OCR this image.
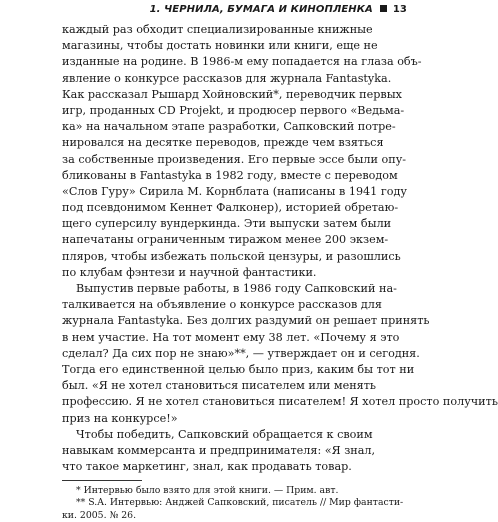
1. ЧЕРНИЛА, БУМАГА И КИНОПЛЕНКА 13
каждый раз обходит специализированные книжные
магазины, чтобы достать новинки или книги, еще не
изданные на родине. В 1986-м ему попадается на глаза объ-
явление о конкурсе рассказов для журнала Fantastyka.
Как рассказал Рышард Хойновский*, переводчик первых
игр, проданных CD Projekt, и продюсер первого «Ведьма-
ка» на начальном этапе разработки, Сапковский потре-
нировался на десятке переводов, прежде чем взяться
за собственные произведения. Его первые эссе были опу-
бликованы в Fantastyka в 1982 году, вместе с переводом
«Слов Гуру» Сирила М. Корнблата (написаны в 1941 году
под псевдонимом Кеннет Фалконер), историей обретаю-
щего суперсилу вундеркинда. Эти выпуски затем были
напечатаны ограниченным тиражом менее 200 экзем-
пляров, чтобы избежать польской цензуры, и разошлись
по клубам фэнтези и научной фантастики.
Выпустив первые работы, в 1986 году Сапковский на-
талкивается на объявление о конкурсе рассказов для
журнала Fantastyka. Без долгих раздумий он решает принять
в нем участие. На тот момент ему 38 лет. «Почему я это
сделал? Да сих пор не знаю»**, — утверждает он и сегодня.
Тогда его единственной целью было приз, каким бы тот ни
был. «Я не хотел становиться писателем или менять
профессию. Я не хотел становиться писателем! Я хотел просто получить
приз на конкурсе!»
Чтобы победить, Сапковский обращается к своим
навыкам коммерсанта и предпринимателя: «Я знал,
что такое маркетинг, знал, как продавать товар.
* Интервью было взято для этой книги. — Прим. авт.
** S.A. Интервью: Анджей Сапковский, писатель // Мир фантасти-
ки. 2005. № 26.
